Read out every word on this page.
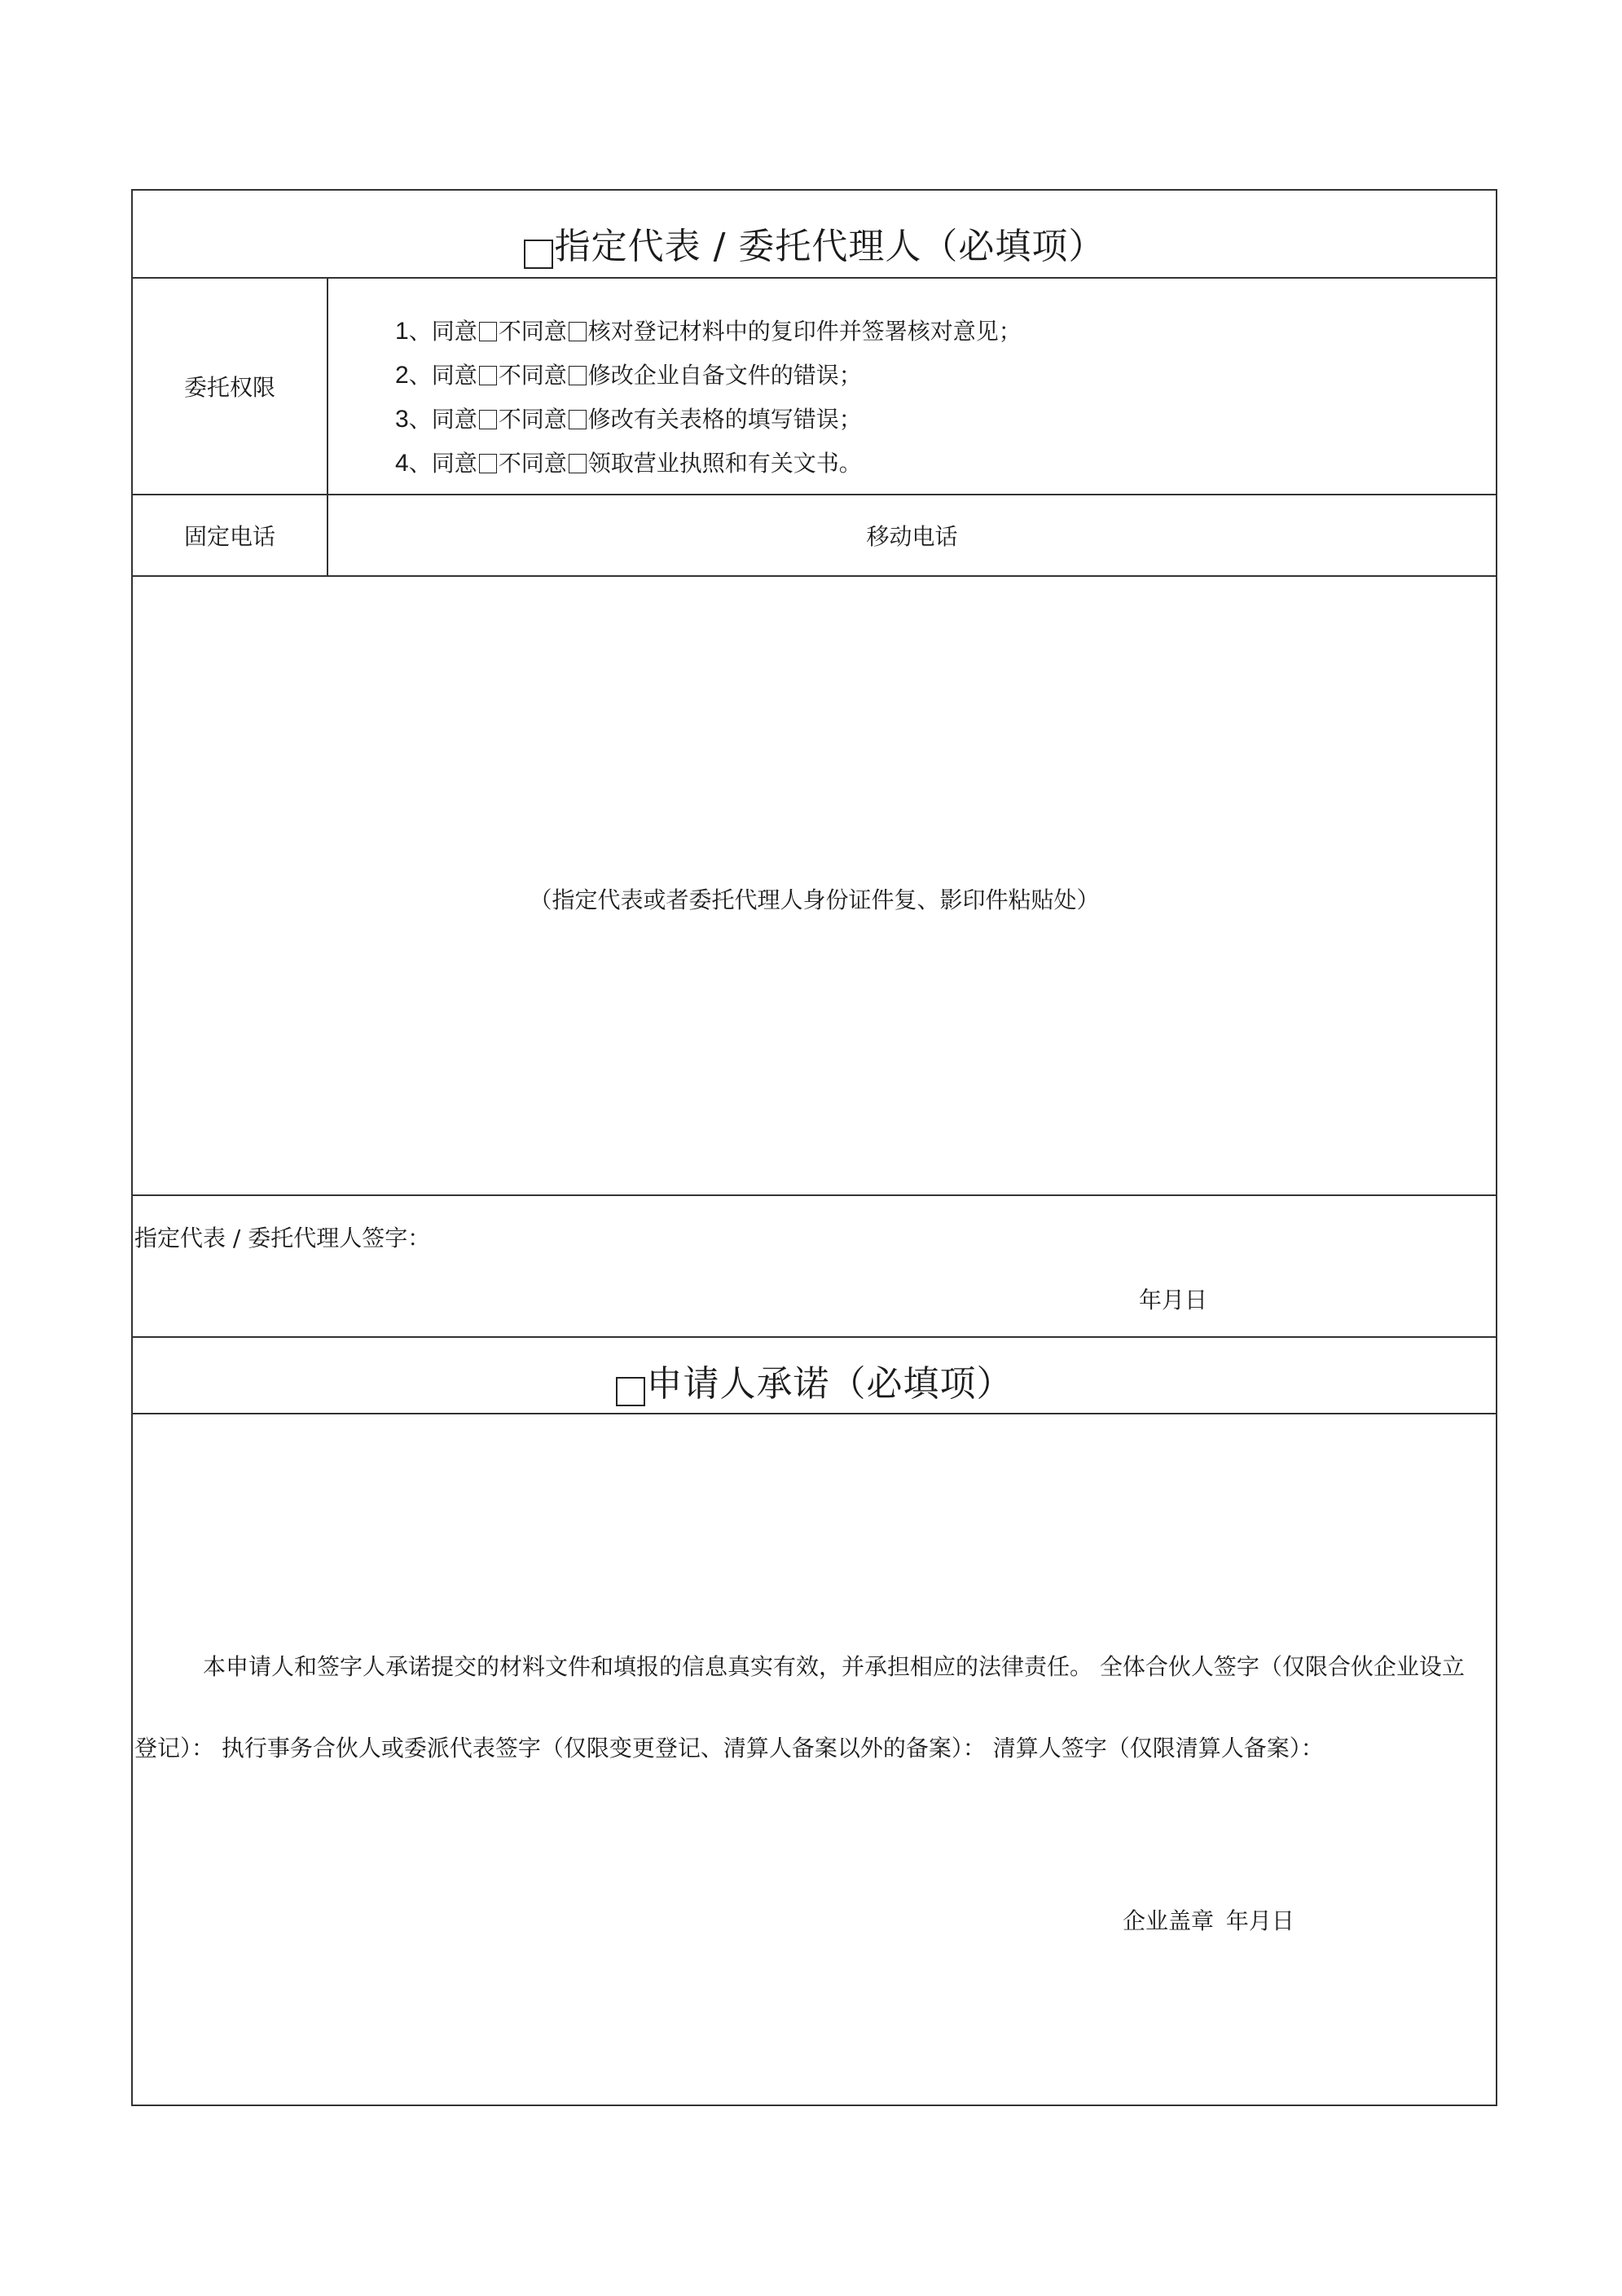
指定代表 / 委托代理人（必填项）
委托权限
1、同意 不同意 核对登记材料中的复印件并签署核对意见；
2、同意 不同意 修改企业自备文件的错误；
3、同意 不同意 修改有关表格的填写错误；
4、同意 不同意 领取营业执照和有关文书。
固定电话	移动电话
（指定代表或者委托代理人身份证件复、影印件粘贴处）
指定代表 / 委托代理人签字：
年月日
申请人承诺（必填项）
本申请人和签字人承诺提交的材料文件和填报的信息真实有效，并承担相应的法律责任。 全体合伙人签字（仅限合伙企业设立登记）： 执行事务合伙人或委派代表签字（仅限变更登记、清算人备案以外的备案）： 清算人签字（仅限清算人备案）：
企业盖章 年月日
